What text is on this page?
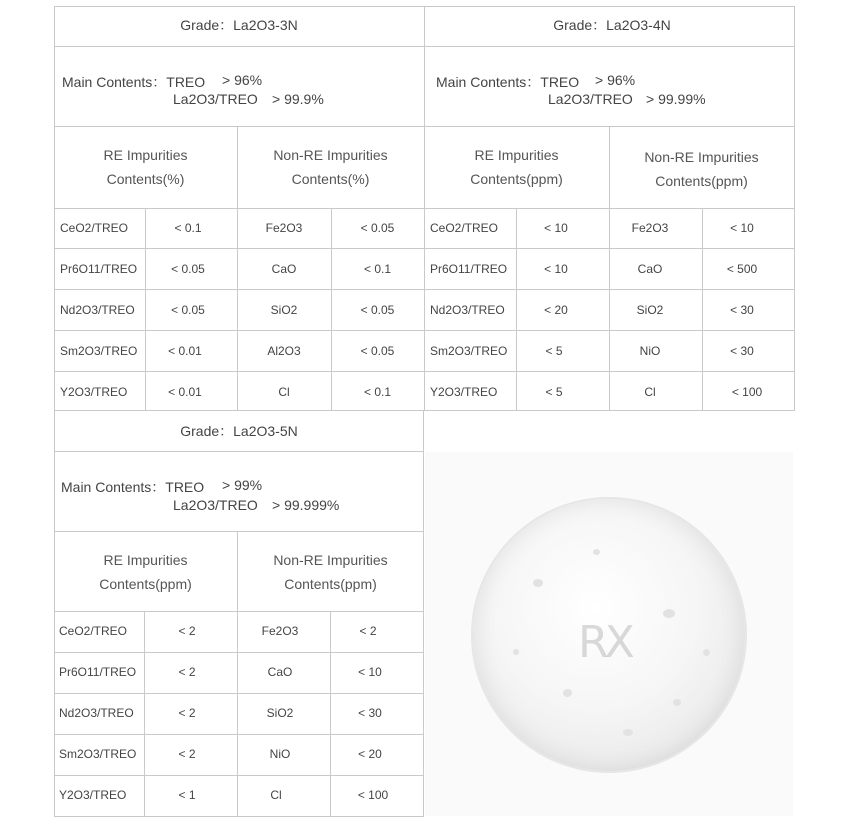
Grade：La2O3-3N
Main Contents：TREO > 96%
La2O3/TREO > 99.9%
RE Impurities
Contents(%)
Non-RE Impurities
Contents(%)
CeO2/TREO	< 0.1	Fe2O3	< 0.05
Pr6O11/TREO	< 0.05	CaO	< 0.1
Nd2O3/TREO	< 0.05	SiO2	< 0.05
Sm2O3/TREO	< 0.01	Al2O3	< 0.05
Y2O3/TREO	< 0.01	Cl	< 0.1
Grade：La2O3-4N
Main Contents：TREO > 96%
La2O3/TREO > 99.99%
RE Impurities
Contents(ppm)
Non-RE Impurities
Contents(ppm)
CeO2/TREO	< 10	Fe2O3	< 10
Pr6O11/TREO	< 10	CaO	< 500
Nd2O3/TREO	< 20	SiO2	< 30
Sm2O3/TREO	< 5	NiO	< 30
Y2O3/TREO	< 5	Cl	< 100
Grade：La2O3-5N
Main Contents：TREO > 99%
La2O3/TREO > 99.999%
RE Impurities
Contents(ppm)
Non-RE Impurities
Contents(ppm)
CeO2/TREO	< 2	Fe2O3	< 2
Pr6O11/TREO	< 2	CaO	< 10
Nd2O3/TREO	< 2	SiO2	< 30
Sm2O3/TREO	< 2	NiO	< 20
Y2O3/TREO	< 1	Cl	< 100
RX
